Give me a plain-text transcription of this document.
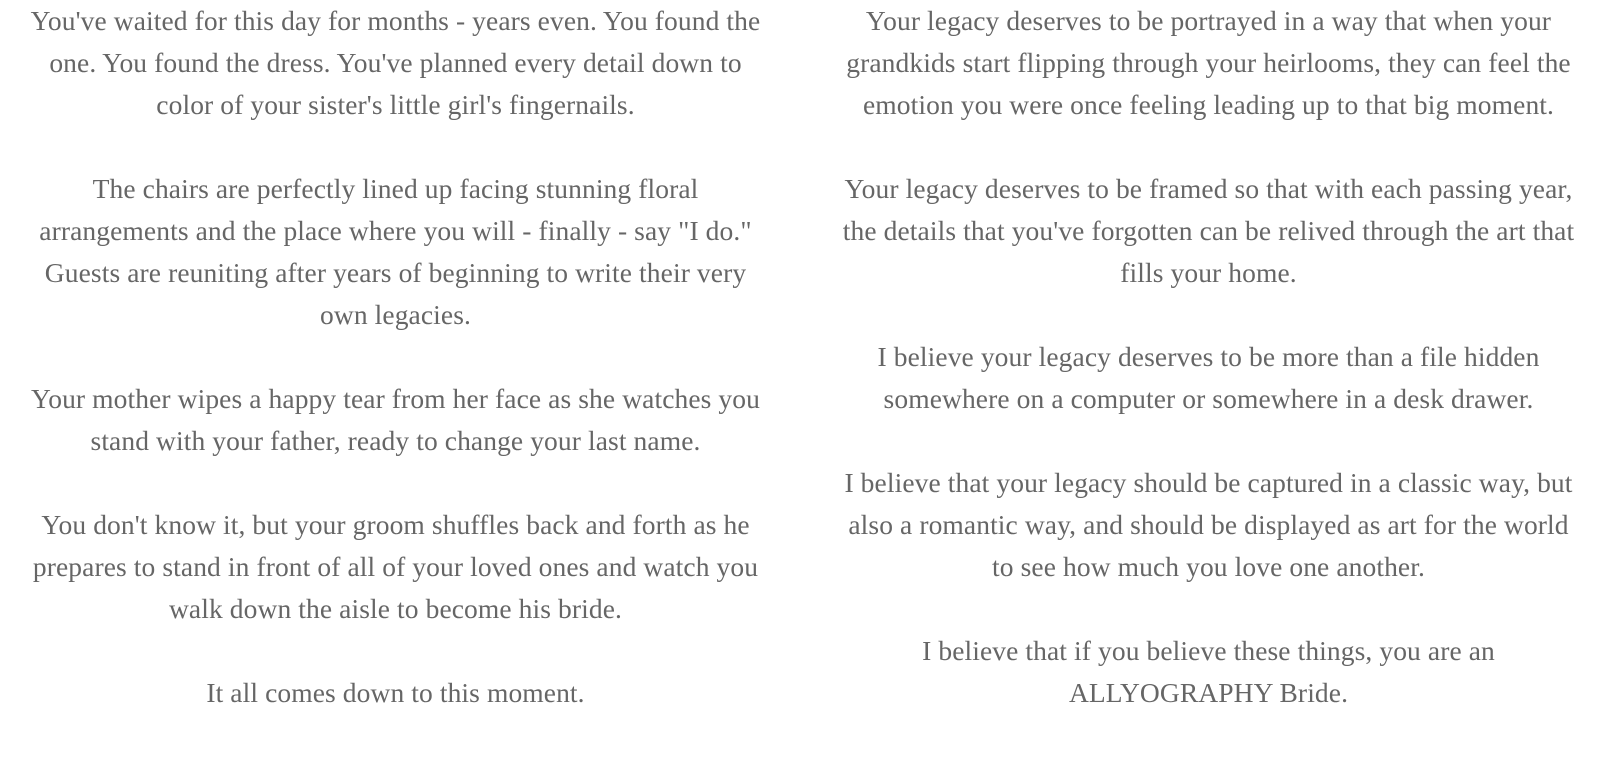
You've waited for this day for months - years even. You found the one. You found the dress. You've planned every detail down to color of your sister's little girl's fingernails.

The chairs are perfectly lined up facing stunning floral arrangements and the place where you will - finally - say "I do." Guests are reuniting after years of beginning to write their very own legacies.

Your mother wipes a happy tear from her face as she watches you stand with your father, ready to change your last name.

You don't know it, but your groom shuffles back and forth as he prepares to stand in front of all of your loved ones and watch you walk down the aisle to become his bride.

It all comes down to this moment.

Your legacy deserves to be portrayed in a way that when your grandkids start flipping through your heirlooms, they can feel the emotion you were once feeling leading up to that big moment.

Your legacy deserves to be framed so that with each passing year, the details that you've forgotten can be relived through the art that fills your home.

I believe your legacy deserves to be more than a file hidden somewhere on a computer or somewhere in a desk drawer.

I believe that your legacy should be captured in a classic way, but also a romantic way, and should be displayed as art for the world to see how much you love one another.

I believe that if you believe these things, you are an ALLYOGRAPHY Bride.
